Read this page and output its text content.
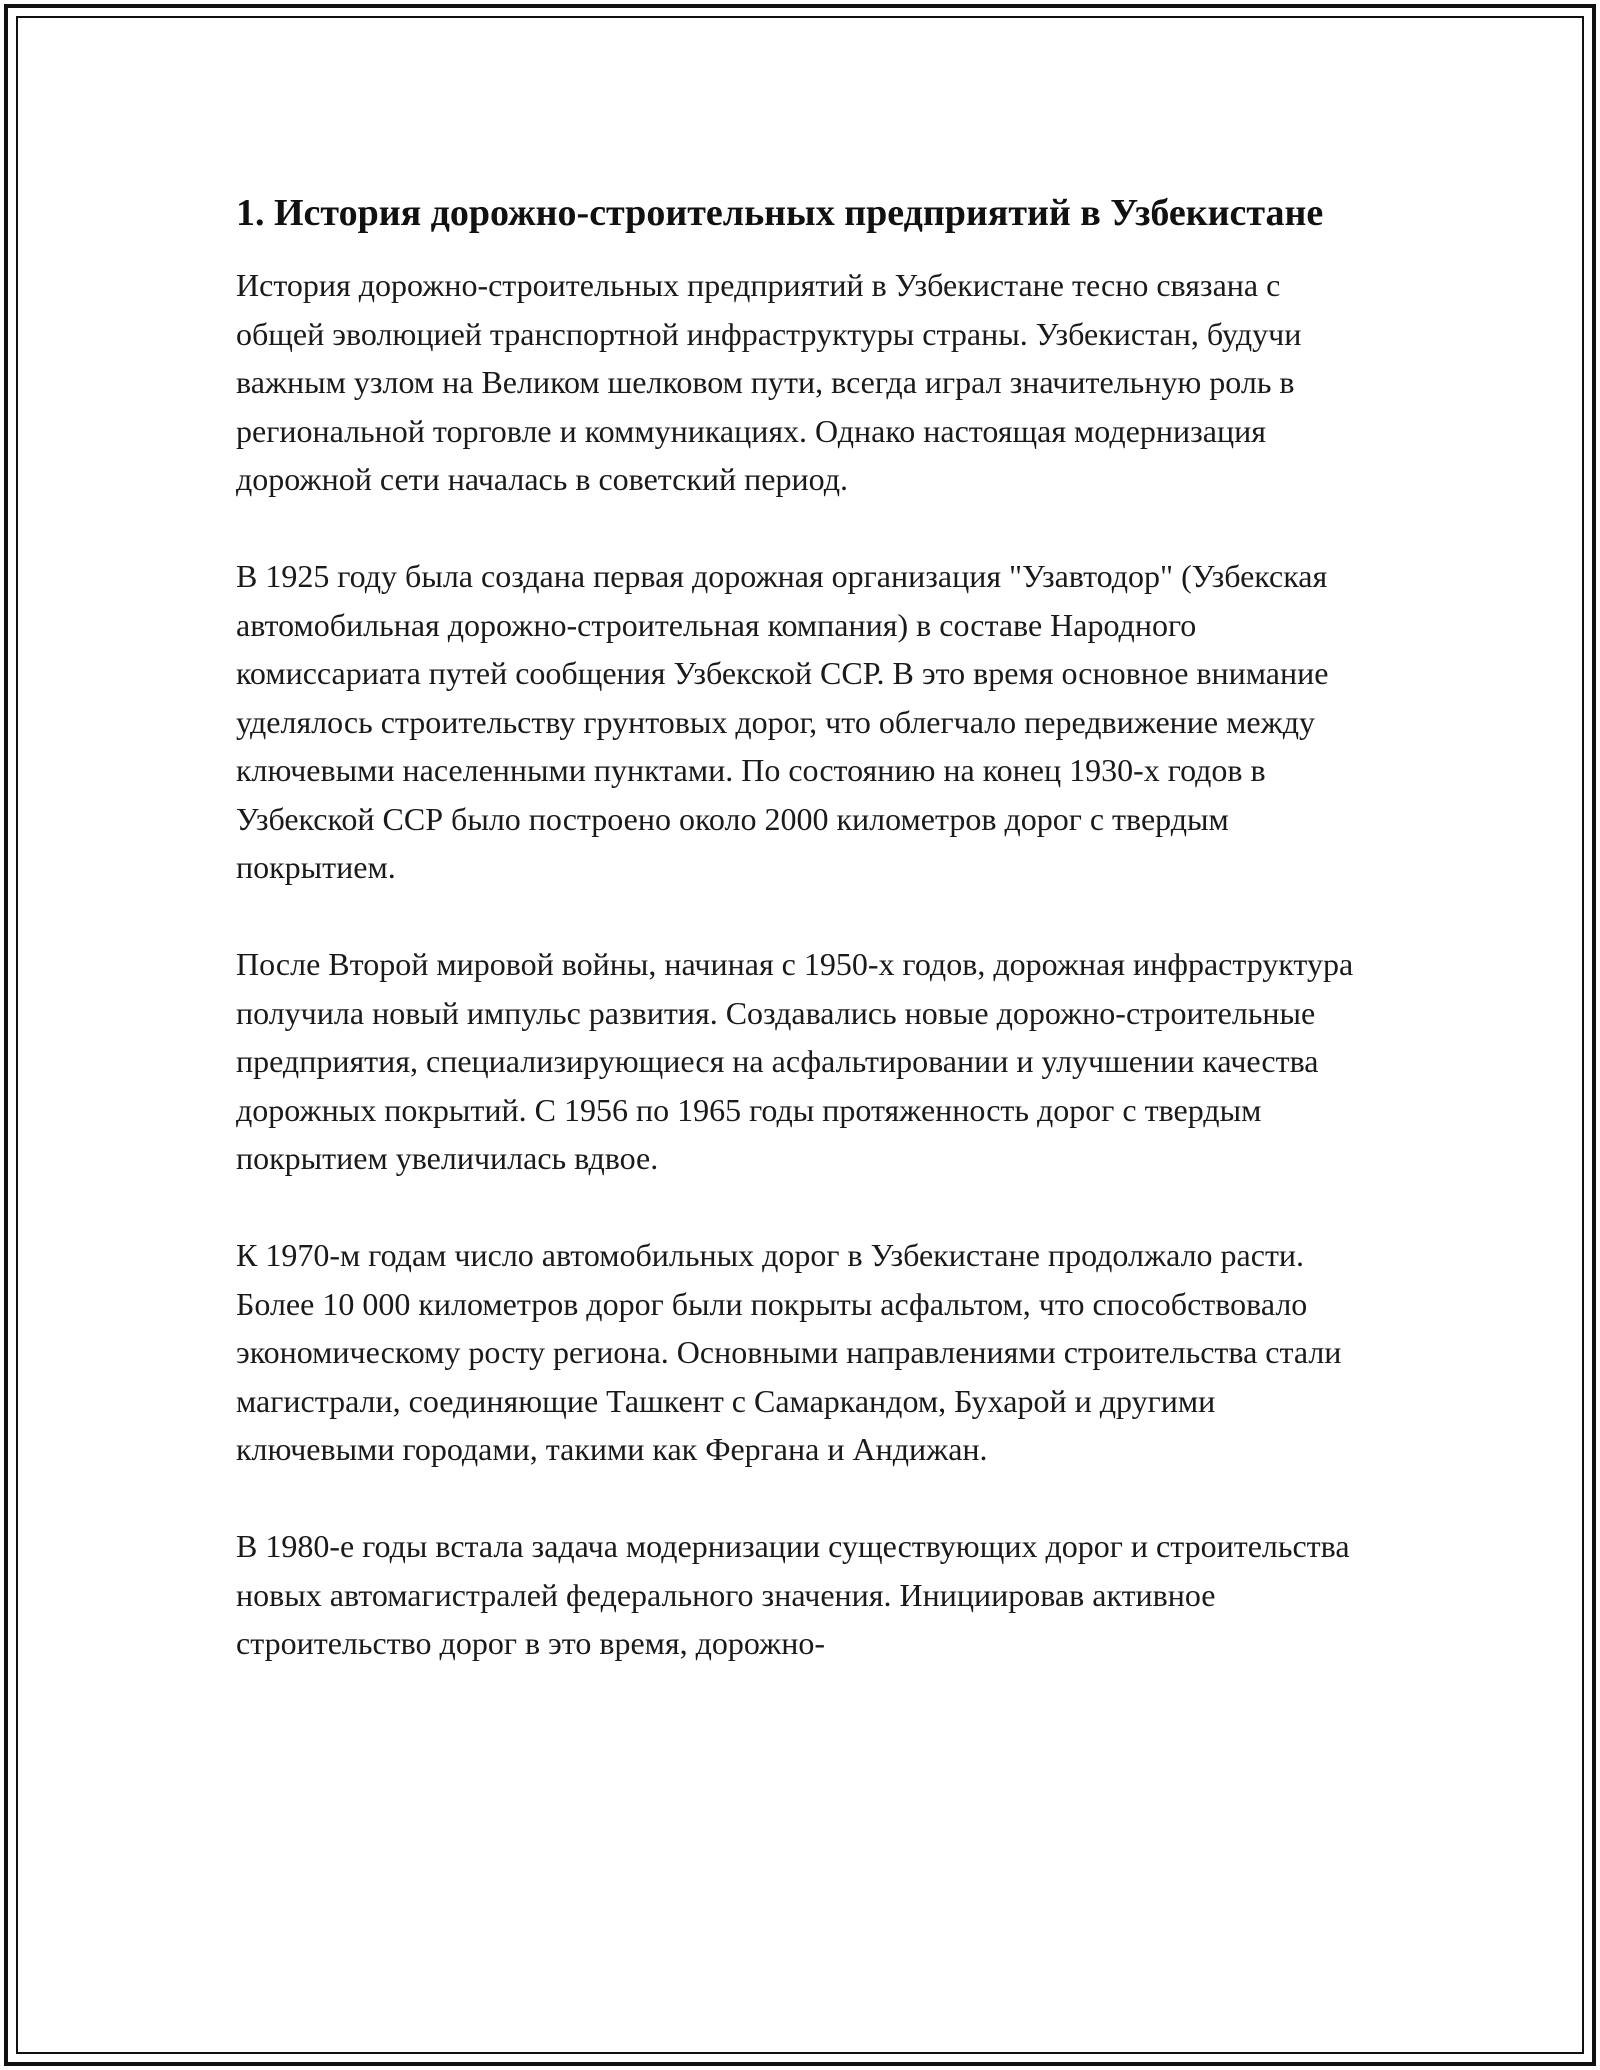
1. История дорожно-строительных предприятий в Узбекистане

История дорожно-строительных предприятий в Узбекистане тесно связана с общей эволюцией транспортной инфраструктуры страны. Узбекистан, будучи важным узлом на Великом шелковом пути, всегда играл значительную роль в региональной торговле и коммуникациях. Однако настоящая модернизация дорожной сети началась в советский период.

В 1925 году была создана первая дорожная организация "Узавтодор" (Узбекская автомобильная дорожно-строительная компания) в составе Народного комиссариата путей сообщения Узбекской ССР. В это время основное внимание уделялось строительству грунтовых дорог, что облегчало передвижение между ключевыми населенными пунктами. По состоянию на конец 1930-х годов в Узбекской ССР было построено около 2000 километров дорог с твердым покрытием.

После Второй мировой войны, начиная с 1950-х годов, дорожная инфраструктура получила новый импульс развития. Создавались новые дорожно-строительные предприятия, специализирующиеся на асфальтировании и улучшении качества дорожных покрытий. С 1956 по 1965 годы протяженность дорог с твердым покрытием увеличилась вдвое.

К 1970-м годам число автомобильных дорог в Узбекистане продолжало расти. Более 10 000 километров дорог были покрыты асфальтом, что способствовало экономическому росту региона. Основными направлениями строительства стали магистрали, соединяющие Ташкент с Самаркандом, Бухарой и другими ключевыми городами, такими как Фергана и Андижан.

В 1980-е годы встала задача модернизации существующих дорог и строительства новых автомагистралей федерального значения. Инициировав активное строительство дорог в это время, дорожно-
